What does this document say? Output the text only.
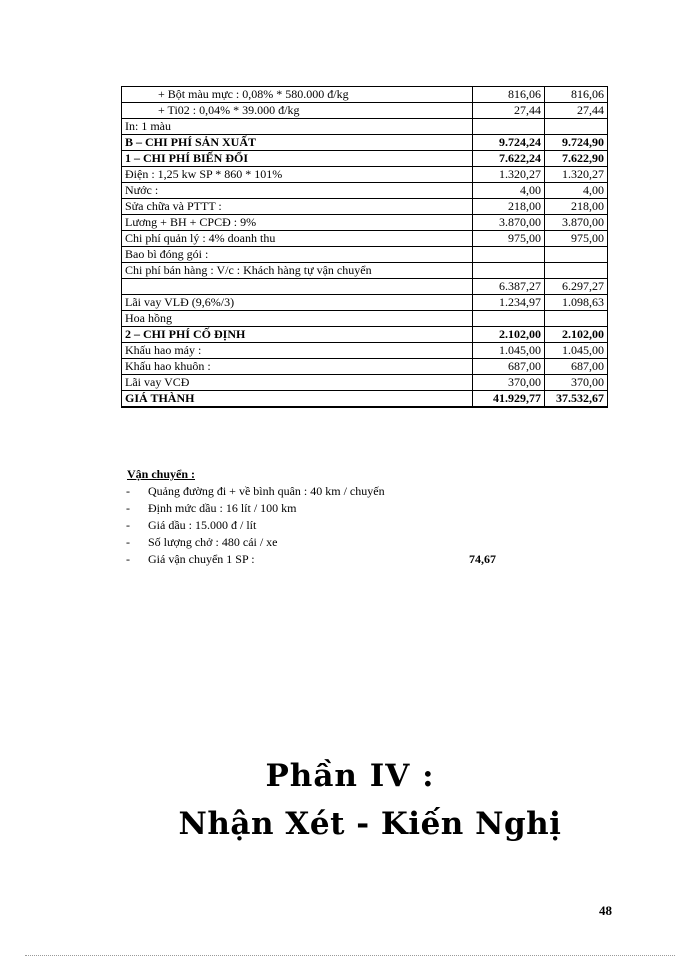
+ Bột màu mực : 0,08% * 580.000 đ/kg	816,06	816,06
+ Ti02 : 0,04% * 39.000 đ/kg	27,44	27,44
In: 1 màu		
B – CHI PHÍ SẢN XUẤT	9.724,24	9.724,90
1 – CHI PHÍ BIẾN ĐỔI	7.622,24	7.622,90
Điện : 1,25 kw SP * 860 * 101%	1.320,27	1.320,27
Nước :	4,00	4,00
Sửa chữa và PTTT :	218,00	218,00
Lương + BH + CPCĐ : 9%	3.870,00	3.870,00
Chi phí quản lý : 4% doanh thu	975,00	975,00
Bao bì đóng gói :		
Chi phí bán hàng : V/c : Khách hàng tự vận chuyển		
	6.387,27	6.297,27
Lãi vay VLĐ (9,6%/3)	1.234,97	1.098,63
Hoa hồng		
2 – CHI PHÍ CỐ ĐỊNH	2.102,00	2.102,00
Khấu hao máy :	1.045,00	1.045,00
Khấu hao khuôn :	687,00	687,00
Lãi vay VCĐ	370,00	370,00
GIÁ THÀNH	41.929,77	37.532,67
Vận chuyển :
- Quảng đường đi + về bình quân : 40 km / chuyến
- Định mức dầu : 16 lít / 100 km
- Giá dầu : 15.000 đ / lít
- Số lượng chở : 480 cái / xe
- Giá vận chuyển 1 SP :	74,67
Phần IV :
Nhận Xét - Kiến Nghị
48
